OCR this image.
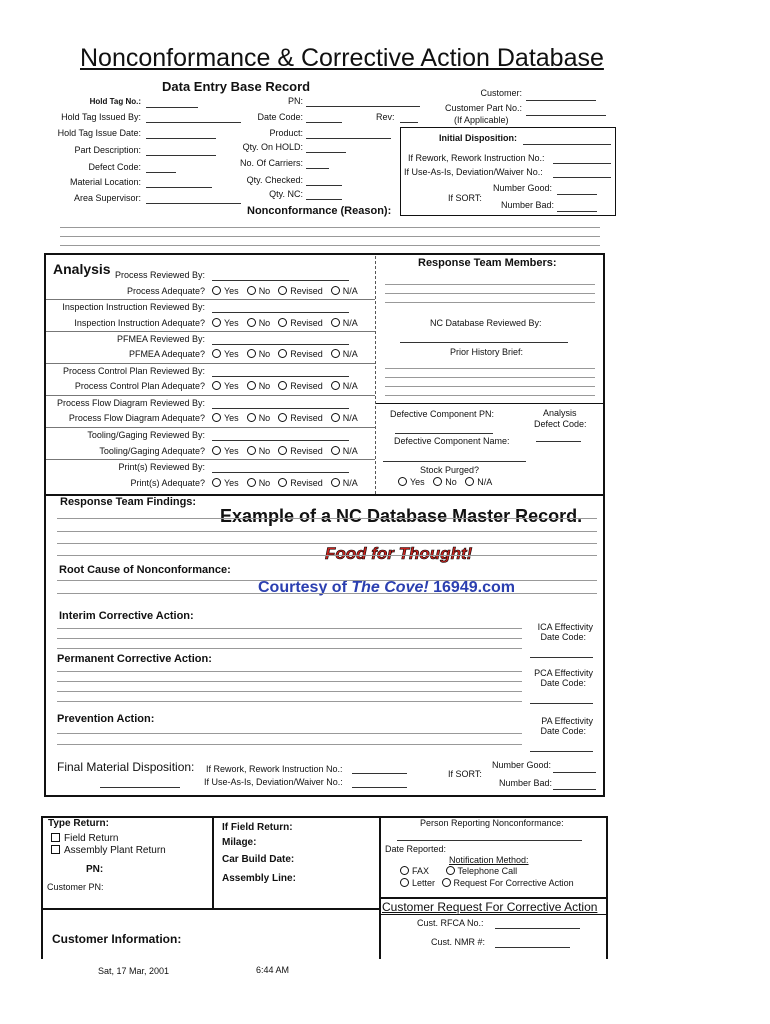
Nonconformance & Corrective Action Database
Data Entry Base Record
Hold Tag No.:
Hold Tag Issued By:
Hold Tag Issue Date:
Part Description:
Defect Code:
Material Location:
Area Supervisor:
PN:
Date Code:	Rev:
Product:
Qty. On HOLD:
No. Of Carriers:
Qty. Checked:
Qty. NC:
Nonconformance (Reason):
Customer:
Customer Part No.:
(If Applicable)
Initial Disposition:
If Rework, Rework Instruction No.:
If Use-As-Is, Deviation/Waiver No.:
If SORT:
Number Good:
Number Bad:
Analysis Process Reviewed By:
Process Adequate?	Yes No Revised N/A
Inspection Instruction Reviewed By:
Inspection Instruction Adequate?	Yes No Revised N/A
PFMEA Reviewed By:
PFMEA Adequate?	Yes No Revised N/A
Process Control Plan Reviewed By:
Process Control Plan Adequate?	Yes No Revised N/A
Process Flow Diagram Reviewed By:
Process Flow Diagram Adequate?	Yes No Revised N/A
Tooling/Gaging Reviewed By:
Tooling/Gaging Adequate?	Yes No Revised N/A
Print(s) Reviewed By:
Print(s) Adequate?	Yes No Revised N/A
Response Team Members:
NC Database Reviewed By:
Prior History Brief:
Defective Component PN:	Analysis
Defect Code:
Defective Component Name:
Stock Purged?
Yes No N/A
Response Team Findings:
Example of a NC Database Master Record.
Food for Thought!
Root Cause of Nonconformance:
Courtesy of The Cove! 16949.com
Interim Corrective Action:
ICA Effectivity
Date Code:
Permanent Corrective Action:
PCA Effectivity
Date Code:
Prevention Action:	PA Effectivity
Date Code:
Final Material Disposition: If Rework, Rework Instruction No.:
If Use-As-Is, Deviation/Waiver No.:
If SORT:
Number Good:
Number Bad:
Type Return:
Field Return
Assembly Plant Return
PN:
Customer PN:
If Field Return:
Milage:
Car Build Date:
Assembly Line:
Person Reporting Nonconformance:
Date Reported:
Notification Method:
FAX	Telephone Call
Letter Request For Corrective Action
Customer Request For Corrective Action
Cust. RFCA No.:
Cust. NMR #:
Customer Information:
Sat, 17 Mar, 2001	6:44 AM
